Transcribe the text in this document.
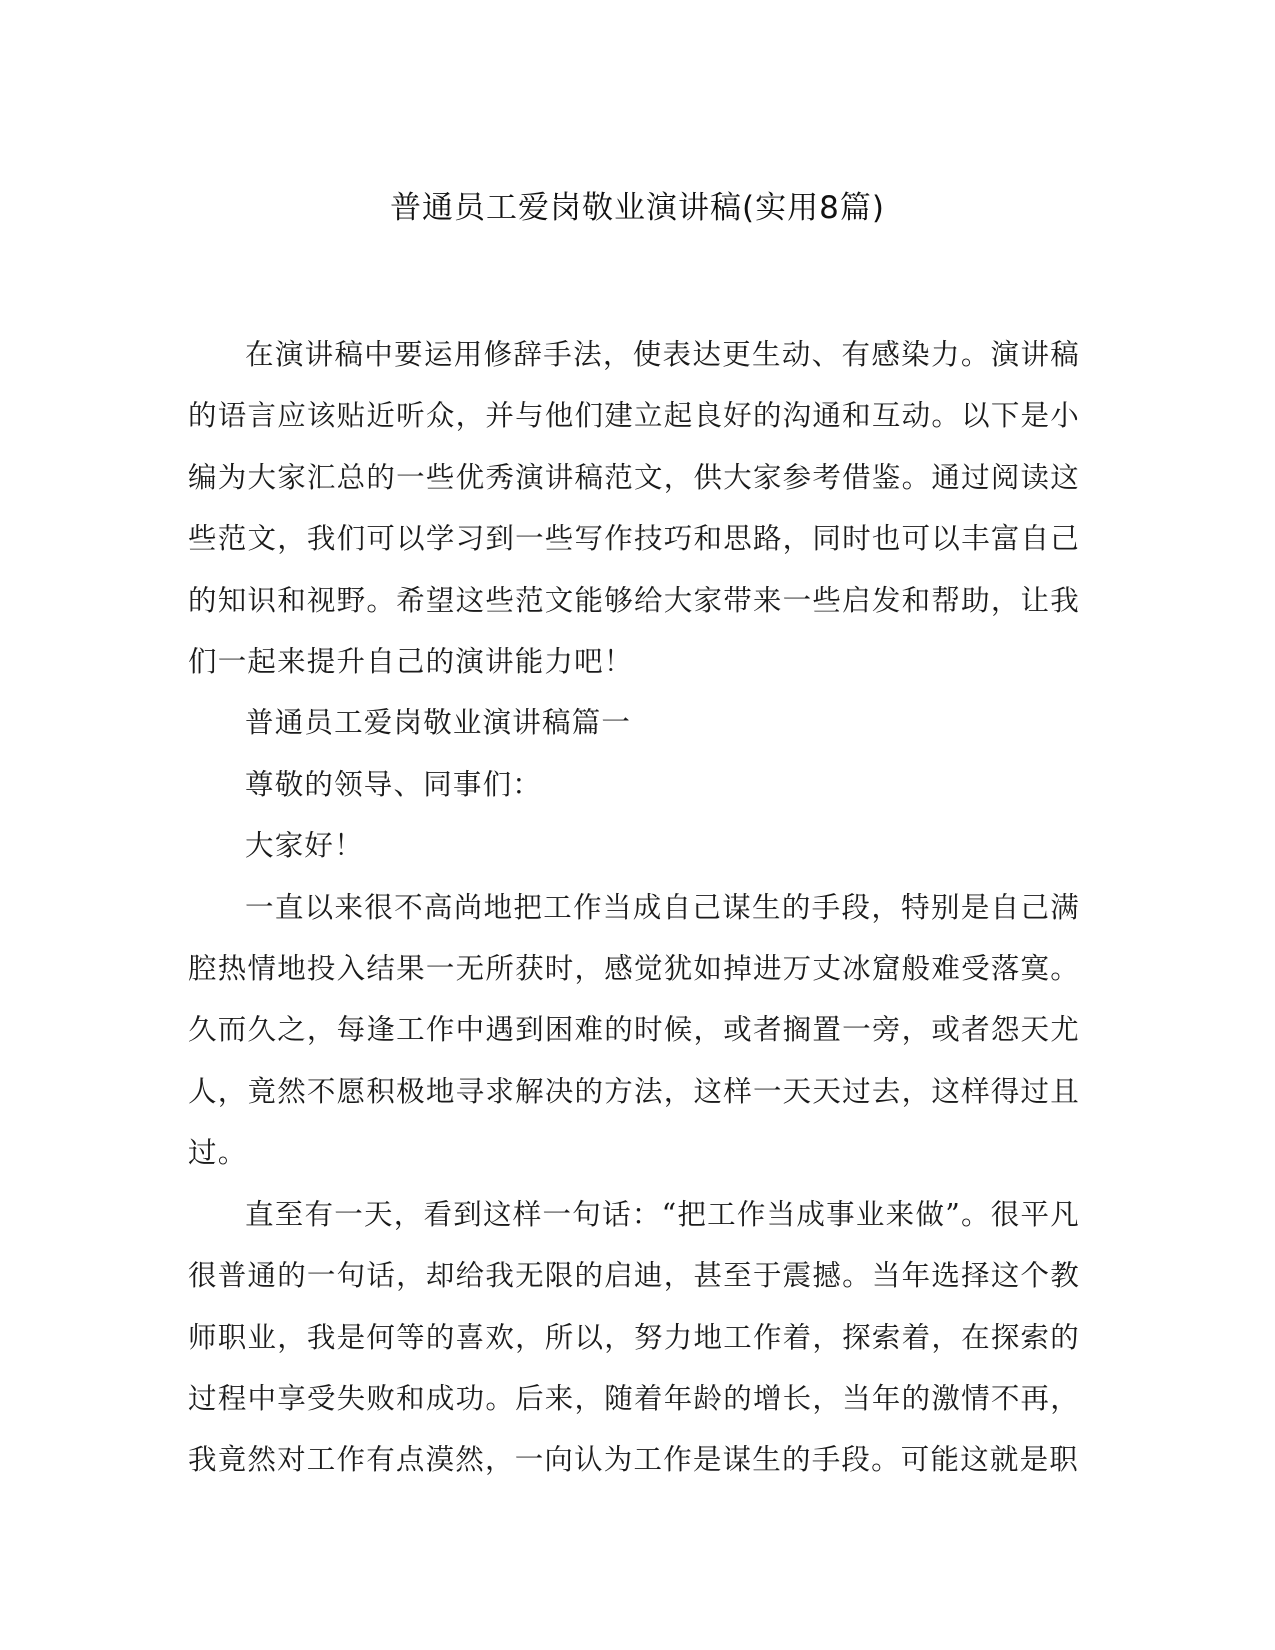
普通员工爱岗敬业演讲稿(实用8篇)

在演讲稿中要运用修辞手法，使表达更生动、有感染力。演讲稿的语言应该贴近听众，并与他们建立起良好的沟通和互动。以下是小编为大家汇总的一些优秀演讲稿范文，供大家参考借鉴。通过阅读这些范文，我们可以学习到一些写作技巧和思路，同时也可以丰富自己的知识和视野。希望这些范文能够给大家带来一些启发和帮助，让我们一起来提升自己的演讲能力吧！

普通员工爱岗敬业演讲稿篇一

尊敬的领导、同事们：

大家好！

一直以来很不高尚地把工作当成自己谋生的手段，特别是自己满腔热情地投入结果一无所获时，感觉犹如掉进万丈冰窟般难受落寞。久而久之，每逢工作中遇到困难的时候，或者搁置一旁，或者怨天尤人，竟然不愿积极地寻求解决的方法，这样一天天过去，这样得过且过。

直至有一天，看到这样一句话：“把工作当成事业来做”。很平凡很普通的一句话，却给我无限的启迪，甚至于震撼。当年选择这个教师职业，我是何等的喜欢，所以，努力地工作着，探索着，在探索的过程中享受失败和成功。后来，随着年龄的增长，当年的激情不再，我竟然对工作有点漠然，一向认为工作是谋生的手段。可能这就是职
